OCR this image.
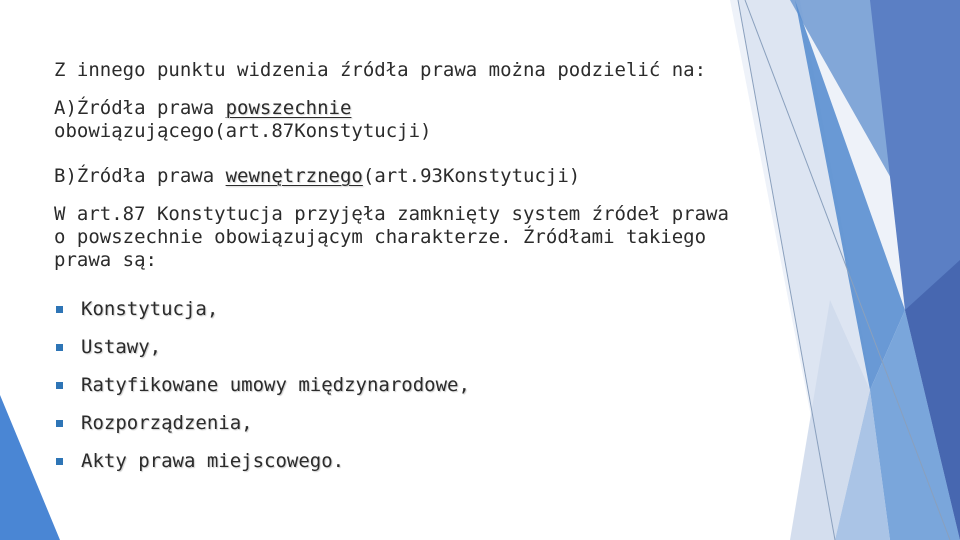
Z innego punktu widzenia źródła prawa można podzielić na:

A)Źródła prawa powszechnie
obowiązującego(art.87Konstytucji)

B)Źródła prawa wewnętrznego(art.93Konstytucji)

W art.87 Konstytucja przyjęła zamknięty system źródeł prawa o powszechnie obowiązującym charakterze. Źródłami takiego prawa są:

Konstytucja,
Ustawy,
Ratyfikowane umowy międzynarodowe,
Rozporządzenia,
Akty prawa miejscowego.
